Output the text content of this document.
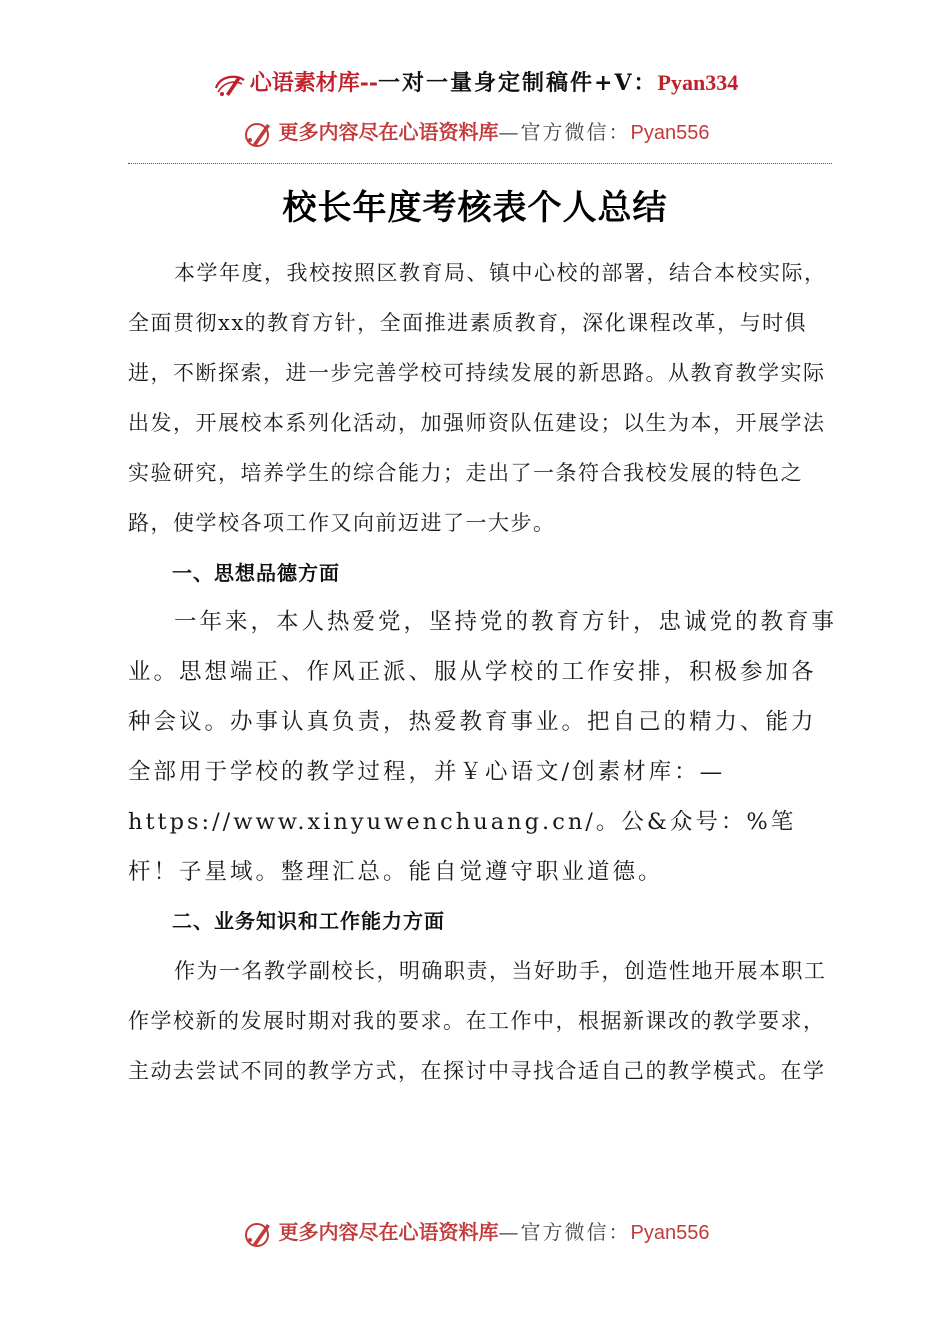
心语素材库--一对一量身定制稿件+V：Pyan334
更多内容尽在心语资料库—官方微信：Pyan556
校长年度考核表个人总结

本学年度，我校按照区教育局、镇中心校的部署，结合本校实际，全面贯彻xx的教育方针，全面推进素质教育，深化课程改革，与时俱进，不断探索，进一步完善学校可持续发展的新思路。从教育教学实际出发，开展校本系列化活动，加强师资队伍建设；以生为本，开展学法实验研究，培养学生的综合能力；走出了一条符合我校发展的特色之路，使学校各项工作又向前迈进了一大步。

一、思想品德方面

一年来，本人热爱党，坚持党的教育方针，忠诚党的教育事业。思想端正、作风正派、服从学校的工作安排，积极参加各种会议。办事认真负责，热爱教育事业。把自己的精力、能力全部用于学校的教学过程，并￥心语文/创素材库：—https://www.xinyuwenchuang.cn/。公&众号：%笔杆！子星域。整理汇总。能自觉遵守职业道德。

二、业务知识和工作能力方面

作为一名教学副校长，明确职责，当好助手，创造性地开展本职工作学校新的发展时期对我的要求。在工作中，根据新课改的教学要求，主动去尝试不同的教学方式，在探讨中寻找合适自己的教学模式。在学

更多内容尽在心语资料库—官方微信：Pyan556
